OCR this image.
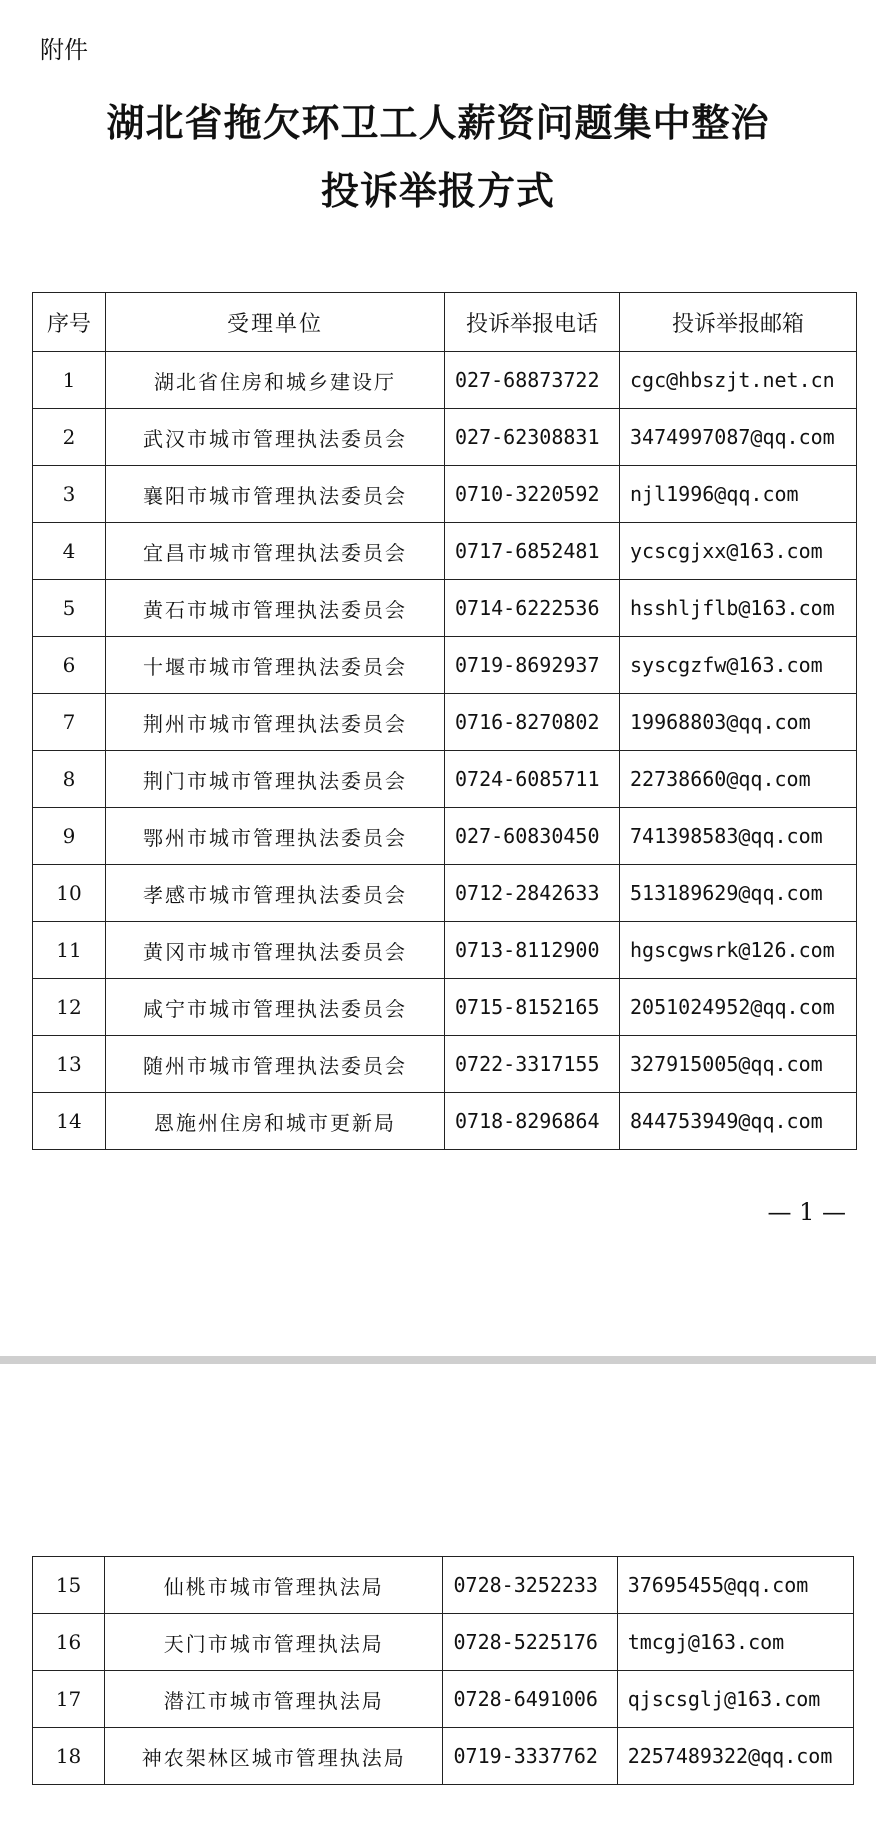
附件
湖北省拖欠环卫工人薪资问题集中整治
投诉举报方式
序号	受理单位	投诉举报电话	投诉举报邮箱
1	湖北省住房和城乡建设厅	027-68873722	cgc@hbszjt.net.cn
2	武汉市城市管理执法委员会	027-62308831	3474997087@qq.com
3	襄阳市城市管理执法委员会	0710-3220592	njl1996@qq.com
4	宜昌市城市管理执法委员会	0717-6852481	ycscgjxx@163.com
5	黄石市城市管理执法委员会	0714-6222536	hsshljflb@163.com
6	十堰市城市管理执法委员会	0719-8692937	syscgzfw@163.com
7	荆州市城市管理执法委员会	0716-8270802	19968803@qq.com
8	荆门市城市管理执法委员会	0724-6085711	22738660@qq.com
9	鄂州市城市管理执法委员会	027-60830450	741398583@qq.com
10	孝感市城市管理执法委员会	0712-2842633	513189629@qq.com
11	黄冈市城市管理执法委员会	0713-8112900	hgscgwsrk@126.com
12	咸宁市城市管理执法委员会	0715-8152165	2051024952@qq.com
13	随州市城市管理执法委员会	0722-3317155	327915005@qq.com
14	恩施州住房和城市更新局	0718-8296864	844753949@qq.com
— 1 —
15	仙桃市城市管理执法局	0728-3252233	37695455@qq.com
16	天门市城市管理执法局	0728-5225176	tmcgj@163.com
17	潜江市城市管理执法局	0728-6491006	qjscsglj@163.com
18	神农架林区城市管理执法局	0719-3337762	2257489322@qq.com
